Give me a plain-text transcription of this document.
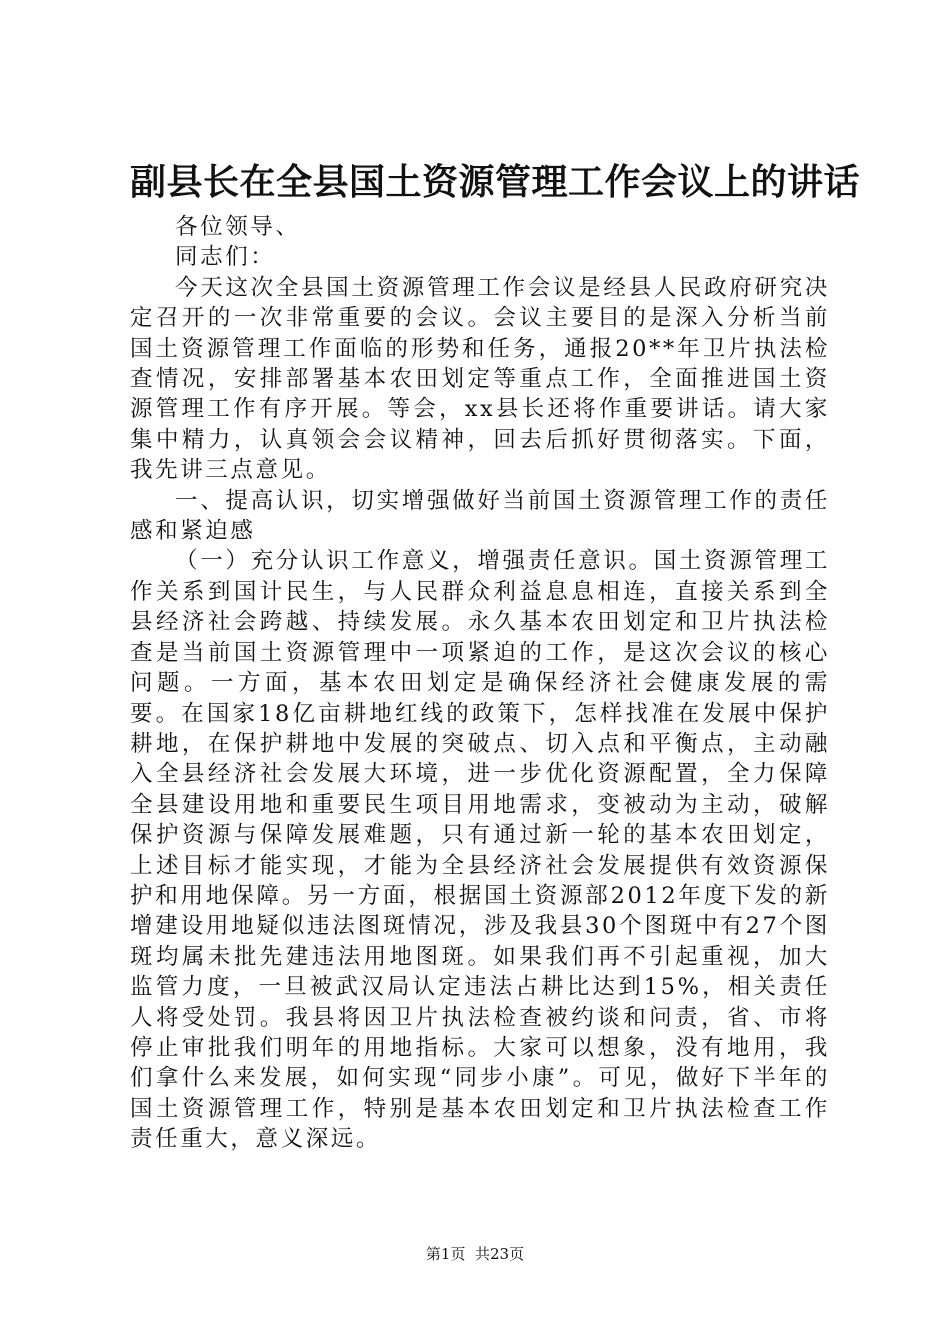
副县长在全县国土资源管理工作会议上的讲话

各位领导、

同志们：

今天这次全县国土资源管理工作会议是经县人民政府研究决定召开的一次非常重要的会议。会议主要目的是深入分析当前国土资源管理工作面临的形势和任务，通报20**年卫片执法检查情况，安排部署基本农田划定等重点工作，全面推进国土资源管理工作有序开展。等会，xx县长还将作重要讲话。请大家集中精力，认真领会会议精神，回去后抓好贯彻落实。下面，我先讲三点意见。

一、提高认识，切实增强做好当前国土资源管理工作的责任感和紧迫感

（一）充分认识工作意义，增强责任意识。国土资源管理工作关系到国计民生，与人民群众利益息息相连，直接关系到全县经济社会跨越、持续发展。永久基本农田划定和卫片执法检查是当前国土资源管理中一项紧迫的工作，是这次会议的核心问题。一方面，基本农田划定是确保经济社会健康发展的需要。在国家18亿亩耕地红线的政策下，怎样找准在发展中保护耕地，在保护耕地中发展的突破点、切入点和平衡点，主动融入全县经济社会发展大环境，进一步优化资源配置，全力保障全县建设用地和重要民生项目用地需求，变被动为主动，破解保护资源与保障发展难题，只有通过新一轮的基本农田划定，上述目标才能实现，才能为全县经济社会发展提供有效资源保护和用地保障。另一方面，根据国土资源部2012年度下发的新增建设用地疑似违法图斑情况，涉及我县30个图斑中有27个图斑均属未批先建违法用地图斑。如果我们再不引起重视，加大监管力度，一旦被武汉局认定违法占耕比达到15%，相关责任人将受处罚。我县将因卫片执法检查被约谈和问责，省、市将停止审批我们明年的用地指标。大家可以想象，没有地用，我们拿什么来发展，如何实现“同步小康”。可见，做好下半年的国土资源管理工作，特别是基本农田划定和卫片执法检查工作责任重大，意义深远。

第1页 共23页
